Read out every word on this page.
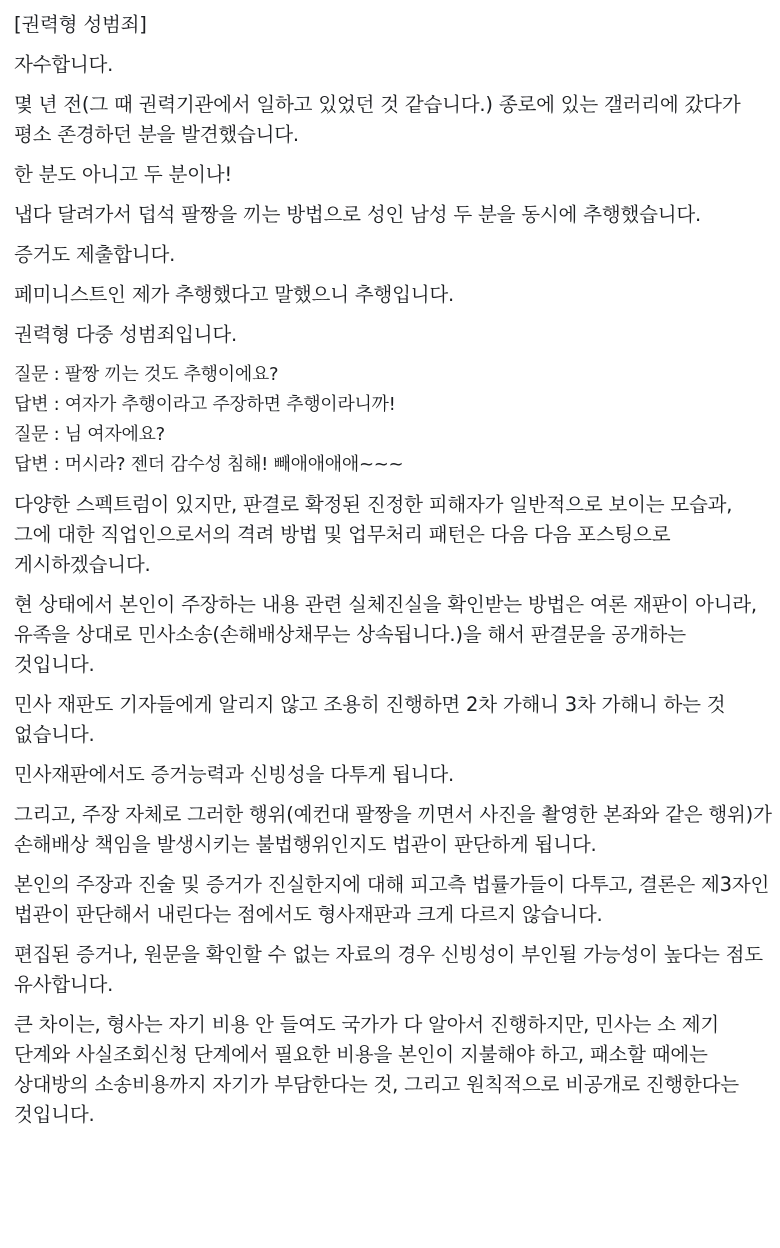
[권력형 성범죄]

자수합니다.

몇 년 전(그 때 권력기관에서 일하고 있었던 것 같습니다.) 종로에 있는 갤러리에 갔다가 평소 존경하던 분을 발견했습니다.

한 분도 아니고 두 분이나!

냅다 달려가서 덥석 팔짱을 끼는 방법으로 성인 남성 두 분을 동시에 추행했습니다.

증거도 제출합니다.

페미니스트인 제가 추행했다고 말했으니 추행입니다.

권력형 다중 성범죄입니다.

질문 : 팔짱 끼는 것도 추행이에요?
답변 : 여자가 추행이라고 주장하면 추행이라니까!
질문 : 님 여자에요?
답변 : 머시라? 젠더 감수성 침해! 빼애애애애~~~

다양한 스펙트럼이 있지만, 판결로 확정된 진정한 피해자가 일반적으로 보이는 모습과, 그에 대한 직업인으로서의 격려 방법 및 업무처리 패턴은 다음 다음 포스팅으로 게시하겠습니다.

현 상태에서 본인이 주장하는 내용 관련 실체진실을 확인받는 방법은 여론 재판이 아니라, 유족을 상대로 민사소송(손해배상채무는 상속됩니다.)을 해서 판결문을 공개하는 것입니다.

민사 재판도 기자들에게 알리지 않고 조용히 진행하면 2차 가해니 3차 가해니 하는 것 없습니다.

민사재판에서도 증거능력과 신빙성을 다투게 됩니다.

그리고, 주장 자체로 그러한 행위(예컨대 팔짱을 끼면서 사진을 촬영한 본좌와 같은 행위)가 손해배상 책임을 발생시키는 불법행위인지도 법관이 판단하게 됩니다.

본인의 주장과 진술 및 증거가 진실한지에 대해 피고측 법률가들이 다투고, 결론은 제3자인 법관이 판단해서 내린다는 점에서도 형사재판과 크게 다르지 않습니다.

편집된 증거나, 원문을 확인할 수 없는 자료의 경우 신빙성이 부인될 가능성이 높다는 점도 유사합니다.

큰 차이는, 형사는 자기 비용 안 들여도 국가가 다 알아서 진행하지만, 민사는 소 제기 단계와 사실조회신청 단계에서 필요한 비용을 본인이 지불해야 하고, 패소할 때에는 상대방의 소송비용까지 자기가 부담한다는 것, 그리고 원칙적으로 비공개로 진행한다는 것입니다.
